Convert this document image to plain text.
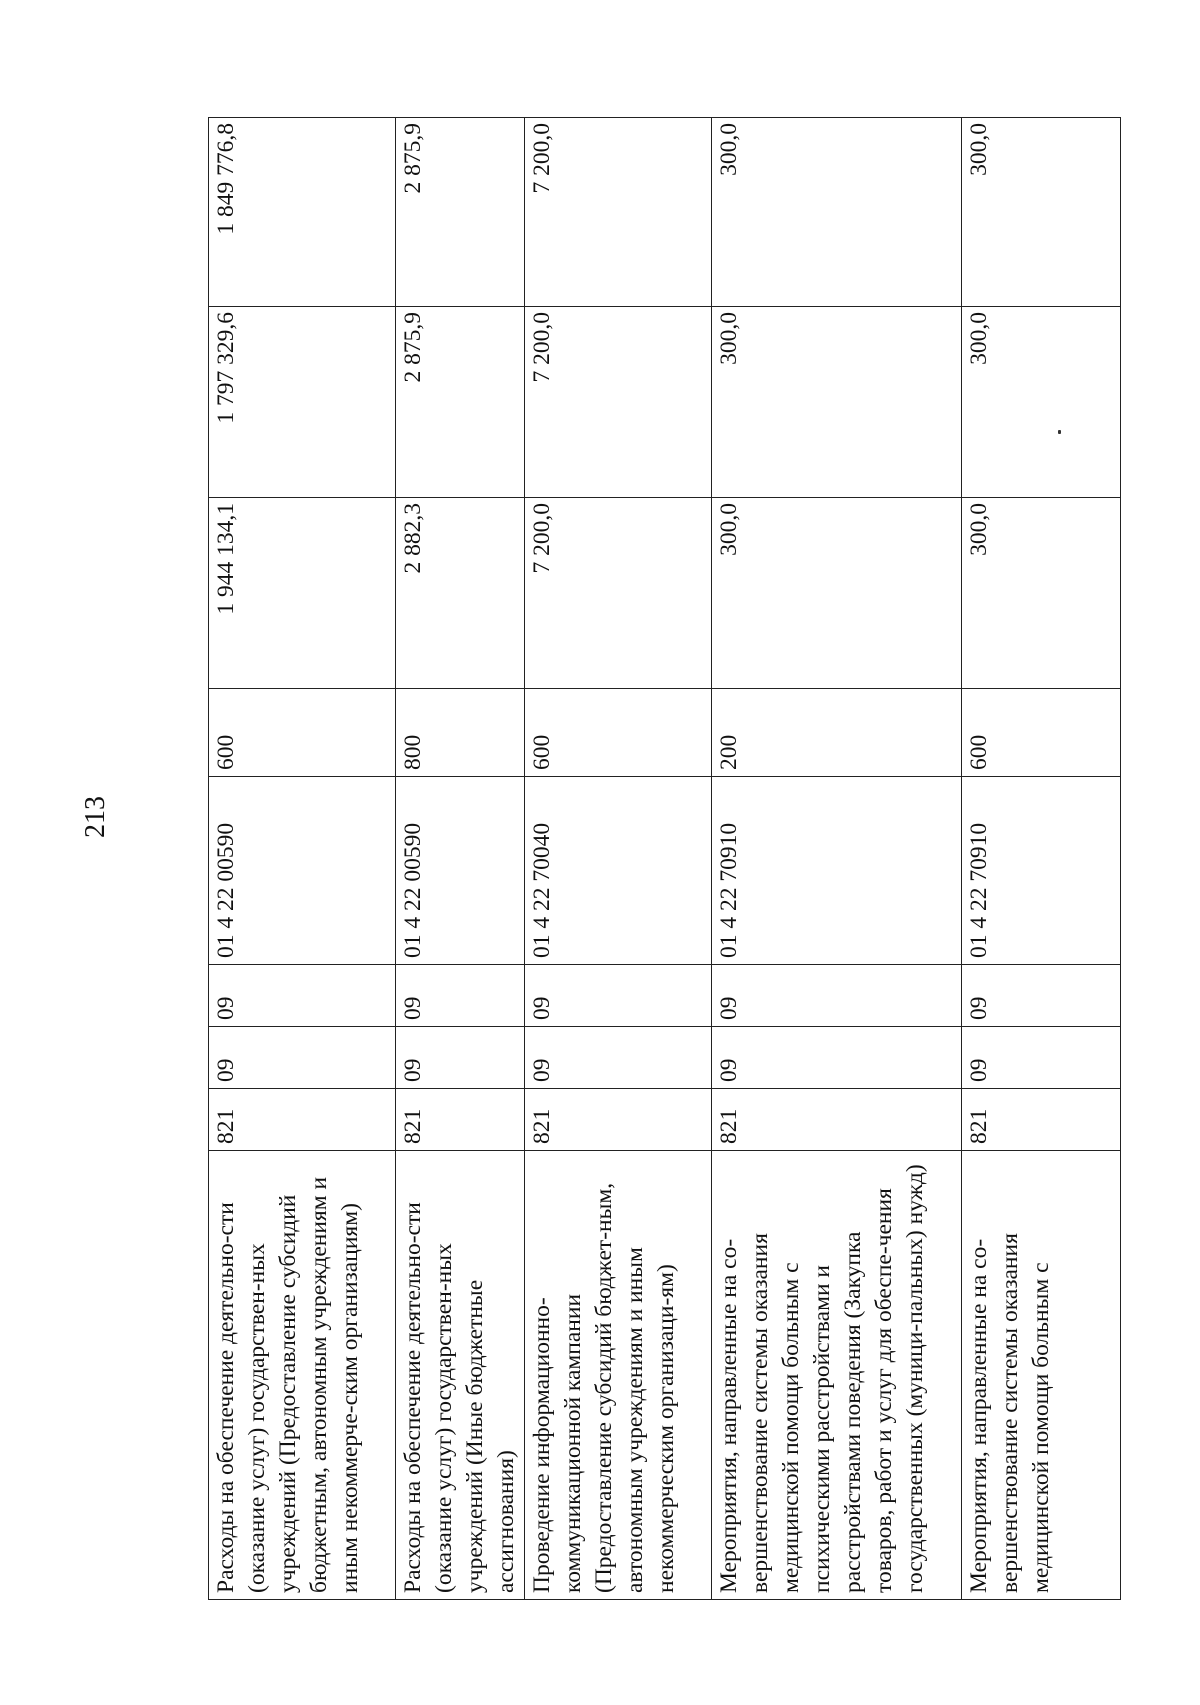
213
Расходы на обеспечение деятельно-сти (оказание услуг) государствен-ных учреждений (Предоставление субсидий бюджетным, автономным учреждениям и иным некоммерче-ским организациям)	821	09	09	01 4 22 00590	600	1 944 134,1	1 797 329,6	1 849 776,8
Расходы на обеспечение деятельно-сти (оказание услуг) государствен-ных учреждений (Иные бюджетные ассигнования)	821	09	09	01 4 22 00590	800	2 882,3	2 875,9	2 875,9
Проведение информационно-коммуникационной кампании (Предоставление субсидий бюджет-ным, автономным учреждениям и иным некоммерческим организаци-ям)	821	09	09	01 4 22 70040	600	7 200,0	7 200,0	7 200,0
Мероприятия, направленные на со-вершенствование системы оказания медицинской помощи больным с психическими расстройствами и расстройствами поведения (Закупка товаров, работ и услуг для обеспе-чения государственных (муници-пальных) нужд)	821	09	09	01 4 22 70910	200	300,0	300,0	300,0
Мероприятия, направленные на со-вершенствование системы оказания медицинской помощи больным с	821	09	09	01 4 22 70910	600	300,0	300,0	300,0
